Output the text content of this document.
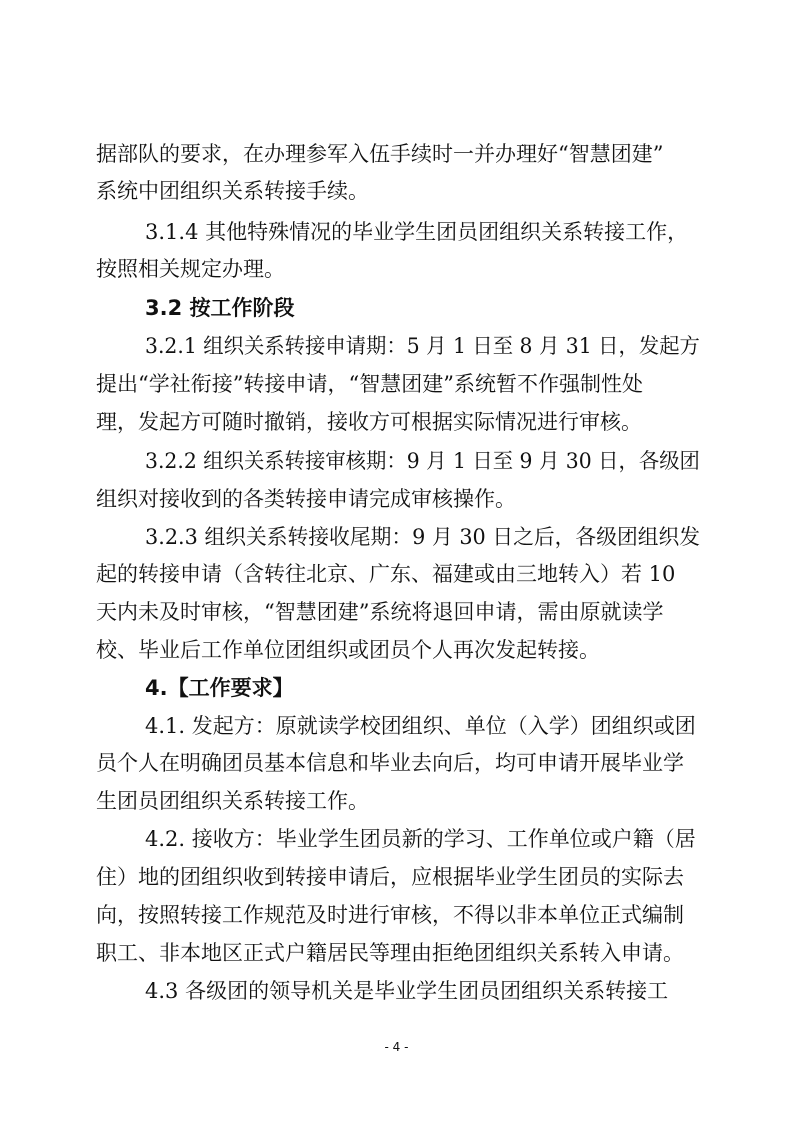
据部队的要求，在办理参军入伍手续时一并办理好“智慧团建”
系统中团组织关系转接手续。
3.1.4 其他特殊情况的毕业学生团员团组织关系转接工作，
按照相关规定办理。
3.2 按工作阶段
3.2.1 组织关系转接申请期：5 月 1 日至 8 月 31 日，发起方
提出“学社衔接”转接申请，“智慧团建”系统暂不作强制性处
理，发起方可随时撤销，接收方可根据实际情况进行审核。
3.2.2 组织关系转接审核期：9 月 1 日至 9 月 30 日，各级团
组织对接收到的各类转接申请完成审核操作。
3.2.3 组织关系转接收尾期：9 月 30 日之后，各级团组织发
起的转接申请（含转往北京、广东、福建或由三地转入）若 10
天内未及时审核，“智慧团建”系统将退回申请，需由原就读学
校、毕业后工作单位团组织或团员个人再次发起转接。
4.【工作要求】
4.1. 发起方：原就读学校团组织、单位（入学）团组织或团
员个人在明确团员基本信息和毕业去向后，均可申请开展毕业学
生团员团组织关系转接工作。
4.2. 接收方：毕业学生团员新的学习、工作单位或户籍（居
住）地的团组织收到转接申请后，应根据毕业学生团员的实际去
向，按照转接工作规范及时进行审核，不得以非本单位正式编制
职工、非本地区正式户籍居民等理由拒绝团组织关系转入申请。
4.3 各级团的领导机关是毕业学生团员团组织关系转接工
- 4 -
